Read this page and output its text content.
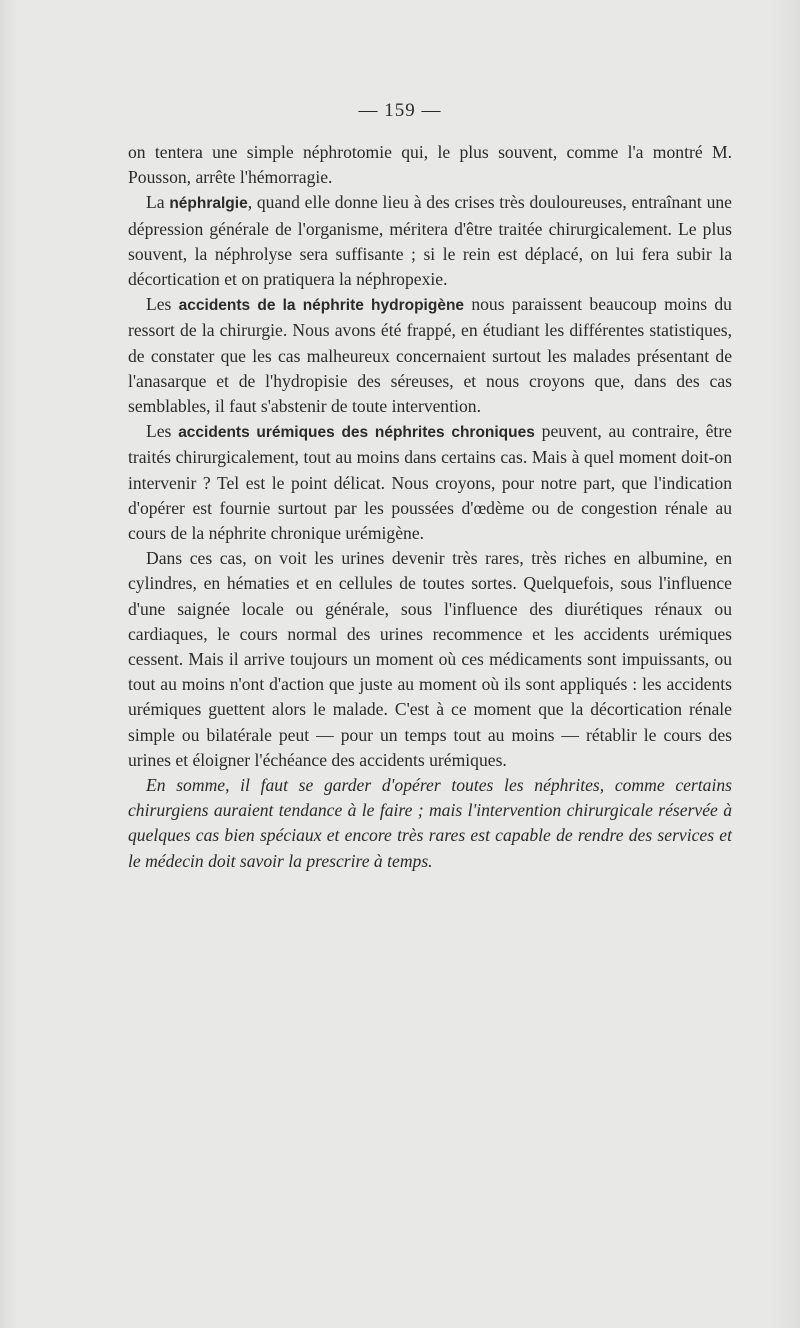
— 159 —

on tentera une simple néphrotomie qui, le plus souvent, comme l'a montré M. Pousson, arrête l'hémorragie.

La néphralgie, quand elle donne lieu à des crises très douloureuses, entraînant une dépression générale de l'organisme, méritera d'être traitée chirurgicalement. Le plus souvent, la néphrolyse sera suffisante ; si le rein est déplacé, on lui fera subir la décortication et on pratiquera la néphropexie.

Les accidents de la néphrite hydropigène nous paraissent beaucoup moins du ressort de la chirurgie. Nous avons été frappé, en étudiant les différentes statistiques, de constater que les cas malheureux concernaient surtout les malades présentant de l'anasarque et de l'hydropisie des séreuses, et nous croyons que, dans des cas semblables, il faut s'abstenir de toute intervention.

Les accidents urémiques des néphrites chroniques peuvent, au contraire, être traités chirurgicalement, tout au moins dans certains cas. Mais à quel moment doit-on intervenir ? Tel est le point délicat. Nous croyons, pour notre part, que l'indication d'opérer est fournie surtout par les poussées d'œdème ou de congestion rénale au cours de la néphrite chronique urémigène.

Dans ces cas, on voit les urines devenir très rares, très riches en albumine, en cylindres, en hématies et en cellules de toutes sortes. Quelquefois, sous l'influence d'une saignée locale ou générale, sous l'influence des diurétiques rénaux ou cardiaques, le cours normal des urines recommence et les accidents urémiques cessent. Mais il arrive toujours un moment où ces médicaments sont impuissants, ou tout au moins n'ont d'action que juste au moment où ils sont appliqués : les accidents urémiques guettent alors le malade. C'est à ce moment que la décortication rénale simple ou bilatérale peut — pour un temps tout au moins — rétablir le cours des urines et éloigner l'échéance des accidents urémiques.

En somme, il faut se garder d'opérer toutes les néphrites, comme certains chirurgiens auraient tendance à le faire ; mais l'intervention chirurgicale réservée à quelques cas bien spéciaux et encore très rares est capable de rendre des services et le médecin doit savoir la prescrire à temps.
